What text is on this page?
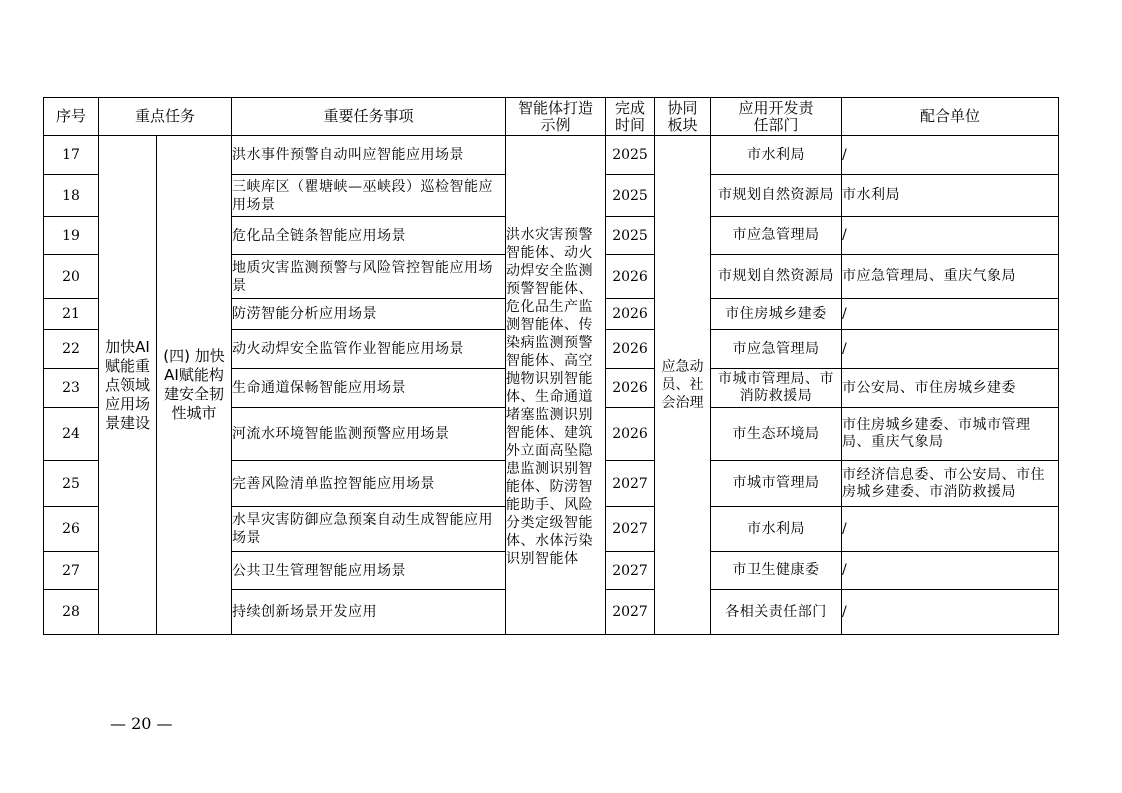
序号	重点任务		重要任务事项	智能体打造示例	完成时间	协同板块	应用开发责任部门	配合单位
17	加快AI赋能重点领域应用场景建设	(四) 加快AI赋能构建安全韧性城市	洪水事件预警自动叫应智能应用场景	洪水灾害预警智能体、动火动焊安全监测预警智能体、危化品生产监测智能体、传染病监测预警智能体、高空抛物识别智能体、生命通道堵塞监测识别智能体、建筑外立面高坠隐患监测识别智能体、防涝智能助手、风险分类定级智能体、水体污染识别智能体	2025	应急动员、社会治理	市水利局	/
18			三峡库区（瞿塘峡—巫峡段）巡检智能应用场景		2025		市规划自然资源局	市水利局
19			危化品全链条智能应用场景		2025		市应急管理局	/
20			地质灾害监测预警与风险管控智能应用场景		2026		市规划自然资源局	市应急管理局、重庆气象局
21			防涝智能分析应用场景		2026		市住房城乡建委	/
22			动火动焊安全监管作业智能应用场景		2026		市应急管理局	/
23			生命通道保畅智能应用场景		2026		市城市管理局、市消防救援局	市公安局、市住房城乡建委
24			河流水环境智能监测预警应用场景		2026		市生态环境局	市住房城乡建委、市城市管理局、重庆气象局
25			完善风险清单监控智能应用场景		2027		市城市管理局	市经济信息委、市公安局、市住房城乡建委、市消防救援局
26			水旱灾害防御应急预案自动生成智能应用场景		2027		市水利局	/
27			公共卫生管理智能应用场景		2027		市卫生健康委	/
28			持续创新场景开发应用		2027		各相关责任部门	/
— 20 —
